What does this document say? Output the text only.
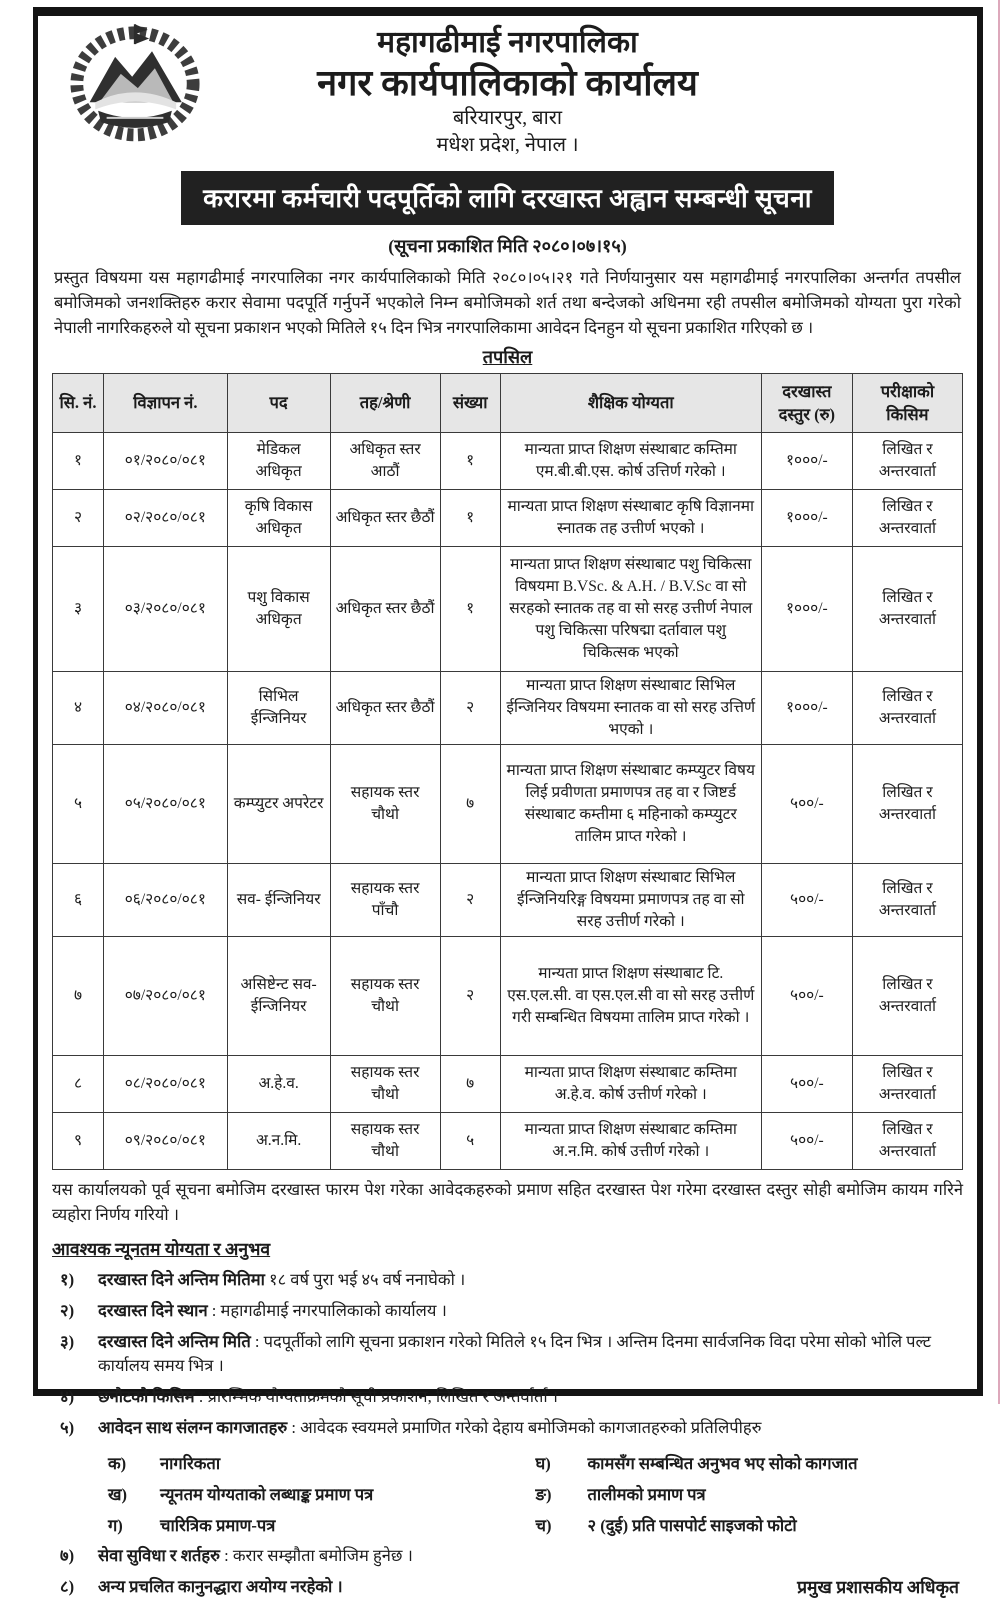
महागढीमाई नगरपालिका
नगर कार्यपालिकाको कार्यालय
बरियारपुर, बारा
मधेश प्रदेश, नेपाल ।
करारमा कर्मचारी पदपूर्तिको लागि दरखास्त अह्वान सम्बन्धी सूचना
(सूचना प्रकाशित मिति २०८०।०७।१५)
प्रस्तुत विषयमा यस महागढीमाई नगरपालिका नगर कार्यपालिकाको मिति २०८०।०५।२१ गते निर्णयानुसार यस महागढीमाई नगरपालिका अन्तर्गत तपसील बमोजिमको जनशक्तिहरु करार सेवामा पदपूर्ति गर्नुपर्ने भएकोले निम्न बमोजिमको शर्त तथा बन्देजको अधिनमा रही तपसील बमोजिमको योग्यता पुरा गरेको नेपाली नागरिकहरुले यो सूचना प्रकाशन भएको मितिले १५ दिन भित्र नगरपालिकामा आवेदन दिनहुन यो सूचना प्रकाशित गरिएको छ ।
तपसिल
सि. नं.	विज्ञापन नं.	पद	तह/श्रेणी	संख्या	शैक्षिक योग्यता	दरखास्त दस्तुर (रु)	परीक्षाको किसिम
१	०१/२०८०/०८१	मेडिकल अधिकृत	अधिकृत स्तर आठौं	१	मान्यता प्राप्त शिक्षण संस्थाबाट कम्तिमा एम.बी.बी.एस. कोर्ष उत्तिर्ण गरेको ।	१०००/-	लिखित र अन्तरवार्ता
२	०२/२०८०/०८१	कृषि विकास अधिकृत	अधिकृत स्तर छैठौं	१	मान्यता प्राप्त शिक्षण संस्थाबाट कृषि विज्ञानमा स्नातक तह उत्तीर्ण भएको ।	१०००/-	लिखित र अन्तरवार्ता
३	०३/२०८०/०८१	पशु विकास अधिकृत	अधिकृत स्तर छैठौं	१	मान्यता प्राप्त शिक्षण संस्थाबाट पशु चिकित्सा विषयमा B.VSc. & A.H. / B.V.Sc वा सो सरहको स्नातक तह वा सो सरह उत्तीर्ण नेपाल पशु चिकित्सा परिषद्मा दर्तावाल पशु चिकित्सक भएको	१०००/-	लिखित र अन्तरवार्ता
४	०४/२०८०/०८१	सिभिल ईन्जिनियर	अधिकृत स्तर छैठौं	२	मान्यता प्राप्त शिक्षण संस्थाबाट सिभिल ईन्जिनियर विषयमा स्नातक वा सो सरह उत्तिर्ण भएको ।	१०००/-	लिखित र अन्तरवार्ता
५	०५/२०८०/०८१	कम्प्युटर अपरेटर	सहायक स्तर चौथो	७	मान्यता प्राप्त शिक्षण संस्थाबाट कम्प्युटर विषय लिई प्रवीणता प्रमाणपत्र तह वा र जिष्टर्ड संस्थाबाट कम्तीमा ६ महिनाको कम्प्युटर तालिम प्राप्त गरेको ।	५००/-	लिखित र अन्तरवार्ता
६	०६/२०८०/०८१	सव- ईन्जिनियर	सहायक स्तर पाँचौ	२	मान्यता प्राप्त शिक्षण संस्थाबाट सिभिल ईन्जिनियरिङ्ग विषयमा प्रमाणपत्र तह वा सो सरह उत्तीर्ण गरेको ।	५००/-	लिखित र अन्तरवार्ता
७	०७/२०८०/०८१	असिष्टेन्ट सव-ईन्जिनियर	सहायक स्तर चौथो	२	मान्यता प्राप्त शिक्षण संस्थाबाट टि. एस.एल.सी. वा एस.एल.सी वा सो सरह उत्तीर्ण गरी सम्बन्धित विषयमा तालिम प्राप्त गरेको ।	५००/-	लिखित र अन्तरवार्ता
८	०८/२०८०/०८१	अ.हे.व.	सहायक स्तर चौथो	७	मान्यता प्राप्त शिक्षण संस्थाबाट कम्तिमा अ.हे.व. कोर्ष उत्तीर्ण गरेको ।	५००/-	लिखित र अन्तरवार्ता
९	०९/२०८०/०८१	अ.न.मि.	सहायक स्तर चौथो	५	मान्यता प्राप्त शिक्षण संस्थाबाट कम्तिमा अ.न.मि. कोर्ष उत्तीर्ण गरेको ।	५००/-	लिखित र अन्तरवार्ता
यस कार्यालयको पूर्व सूचना बमोजिम दरखास्त फारम पेश गरेका आवेदकहरुको प्रमाण सहित दरखास्त पेश गरेमा दरखास्त दस्तुर सोही बमोजिम कायम गरिने व्यहोरा निर्णय गरियो ।
आवश्यक न्यूनतम योग्यता र अनुभव
१)	दरखास्त दिने अन्तिम मितिमा १८ वर्ष पुरा भई ४५ वर्ष ननाघेको ।
२)	दरखास्त दिने स्थान : महागढीमाई नगरपालिकाको कार्यालय ।
३)	दरखास्त दिने अन्तिम मिति : पदपूर्तीको लागि सूचना प्रकाशन गरेको मितिले १५ दिन भित्र । अन्तिम दिनमा सार्वजनिक विदा परेमा सोको भोलि पल्ट कार्यालय समय भित्र ।
४)	छनौटको किसिम : प्रारम्भिक योग्यताक्रमको सूची प्रकाशन, लिखित र अन्तर्वार्ता ।
५)	आवेदन साथ संलग्न कागजातहरु : आवेदक स्वयमले प्रमाणित गरेको देहाय बमोजिमको कागजातहरुको प्रतिलिपीहरु
क)	नागरिकता
ख)	न्यूनतम योग्यताको लब्धाङ्क प्रमाण पत्र
ग)	चारित्रिक प्रमाण-पत्र
घ)	कामसँग सम्बन्धित अनुभव भए सोको कागजात
ङ)	तालीमको प्रमाण पत्र
च)	२ (दुई) प्रति पासपोर्ट साइजको फोटो
७)	सेवा सुविधा र शर्तहरु : करार सम्झौता बमोजिम हुनेछ ।
८)	अन्य प्रचलित कानुनद्धारा अयोग्य नरहेको ।	प्रमुख प्रशासकीय अधिकृत
